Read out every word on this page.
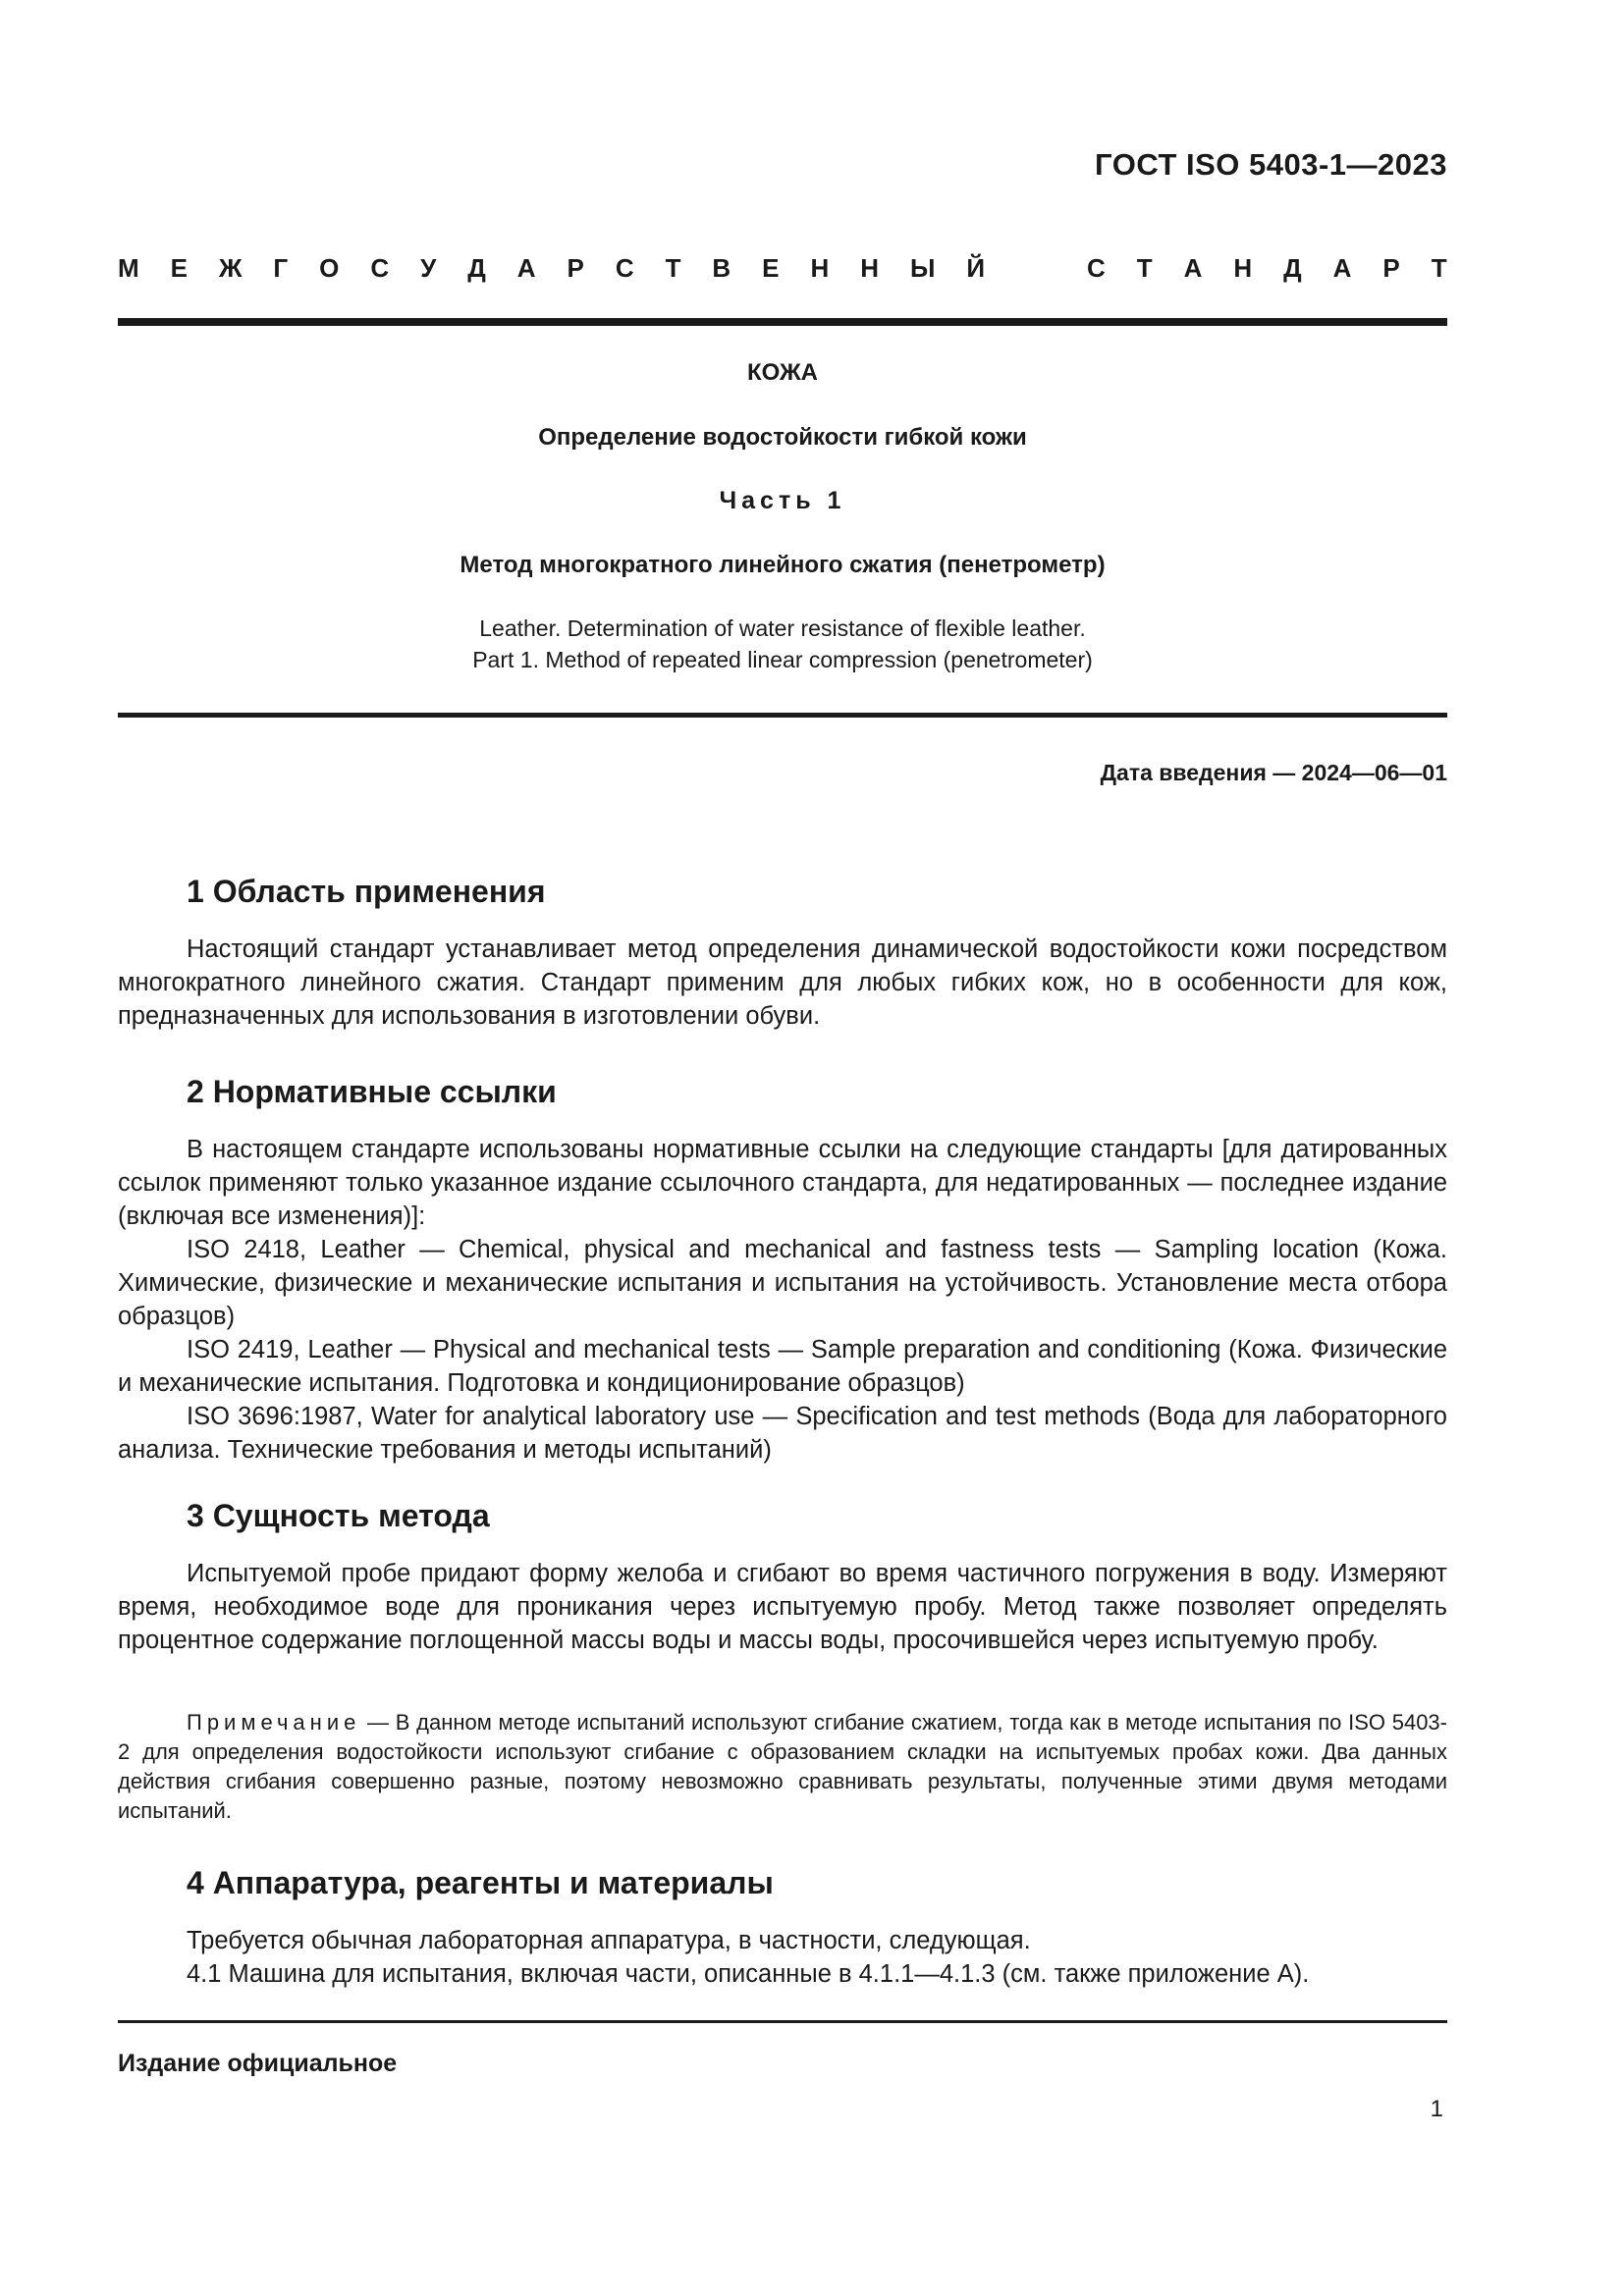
ГОСТ ISO 5403-1—2023
М Е Ж Г О С У Д А Р С Т В Е Н Н Ы Й	С Т А Н Д А Р Т
КОЖА
Определение водостойкости гибкой кожи
Часть 1
Метод многократного линейного сжатия (пенетрометр)
Leather. Determination of water resistance of flexible leather.
Part 1. Method of repeated linear compression (penetrometer)
Дата введения — 2024—06—01
1 Область применения

Настоящий стандарт устанавливает метод определения динамической водостойкости кожи посредством многократного линейного сжатия. Стандарт применим для любых гибких кож, но в особенности для кож, предназначенных для использования в изготовлении обуви.

2 Нормативные ссылки

В настоящем стандарте использованы нормативные ссылки на следующие стандарты [для датированных ссылок применяют только указанное издание ссылочного стандарта, для недатированных — последнее издание (включая все изменения)]:

ISO 2418, Leather — Chemical, physical and mechanical and fastness tests — Sampling location (Кожа. Химические, физические и механические испытания и испытания на устойчивость. Установление места отбора образцов)

ISO 2419, Leather — Physical and mechanical tests — Sample preparation and conditioning (Кожа. Физические и механические испытания. Подготовка и кондиционирование образцов)

ISO 3696:1987, Water for analytical laboratory use — Specification and test methods (Вода для лабораторного анализа. Технические требования и методы испытаний)

3 Сущность метода

Испытуемой пробе придают форму желоба и сгибают во время частичного погружения в воду. Измеряют время, необходимое воде для проникания через испытуемую пробу. Метод также позволяет определять процентное содержание поглощенной массы воды и массы воды, просочившейся через испытуемую пробу.

Примечание — В данном методе испытаний используют сгибание сжатием, тогда как в методе испытания по ISO 5403-2 для определения водостойкости используют сгибание с образованием складки на испытуемых пробах кожи. Два данных действия сгибания совершенно разные, поэтому невозможно сравнивать результаты, полученные этими двумя методами испытаний.

4 Аппаратура, реагенты и материалы

Требуется обычная лабораторная аппаратура, в частности, следующая.

4.1 Машина для испытания, включая части, описанные в 4.1.1—4.1.3 (см. также приложение А).

Издание официальное
1
